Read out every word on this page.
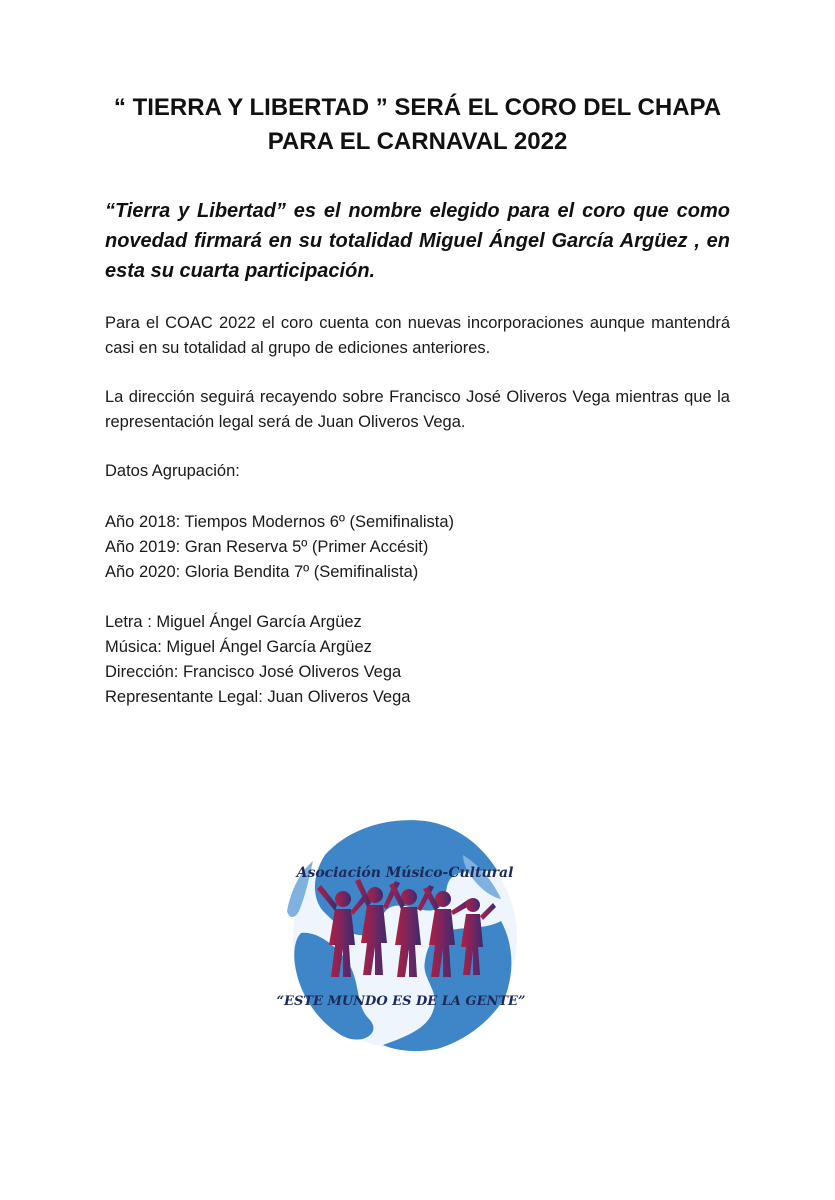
“ TIERRA Y LIBERTAD ” SERÁ EL CORO DEL CHAPA
PARA EL CARNAVAL 2022

“Tierra y Libertad” es el nombre elegido para el coro que como novedad firmará en su totalidad Miguel Ángel García Argüez , en esta su cuarta participación.

Para el COAC 2022 el coro cuenta con nuevas incorporaciones aunque mantendrá casi en su totalidad al grupo de ediciones anteriores.

La dirección seguirá recayendo sobre Francisco José Oliveros Vega mientras que la representación legal será de Juan Oliveros Vega.

Datos Agrupación:

Año 2018: Tiempos Modernos 6º (Semifinalista)
Año 2019: Gran Reserva 5º (Primer Accésit)
Año 2020: Gloria Bendita 7º (Semifinalista)
Letra : Miguel Ángel García Argüez
Música: Miguel Ángel García Argüez
Dirección: Francisco José Oliveros Vega
Representante Legal: Juan Oliveros Vega
Asociación Músico-Cultural
“ESTE MUNDO ES DE LA GENTE”
